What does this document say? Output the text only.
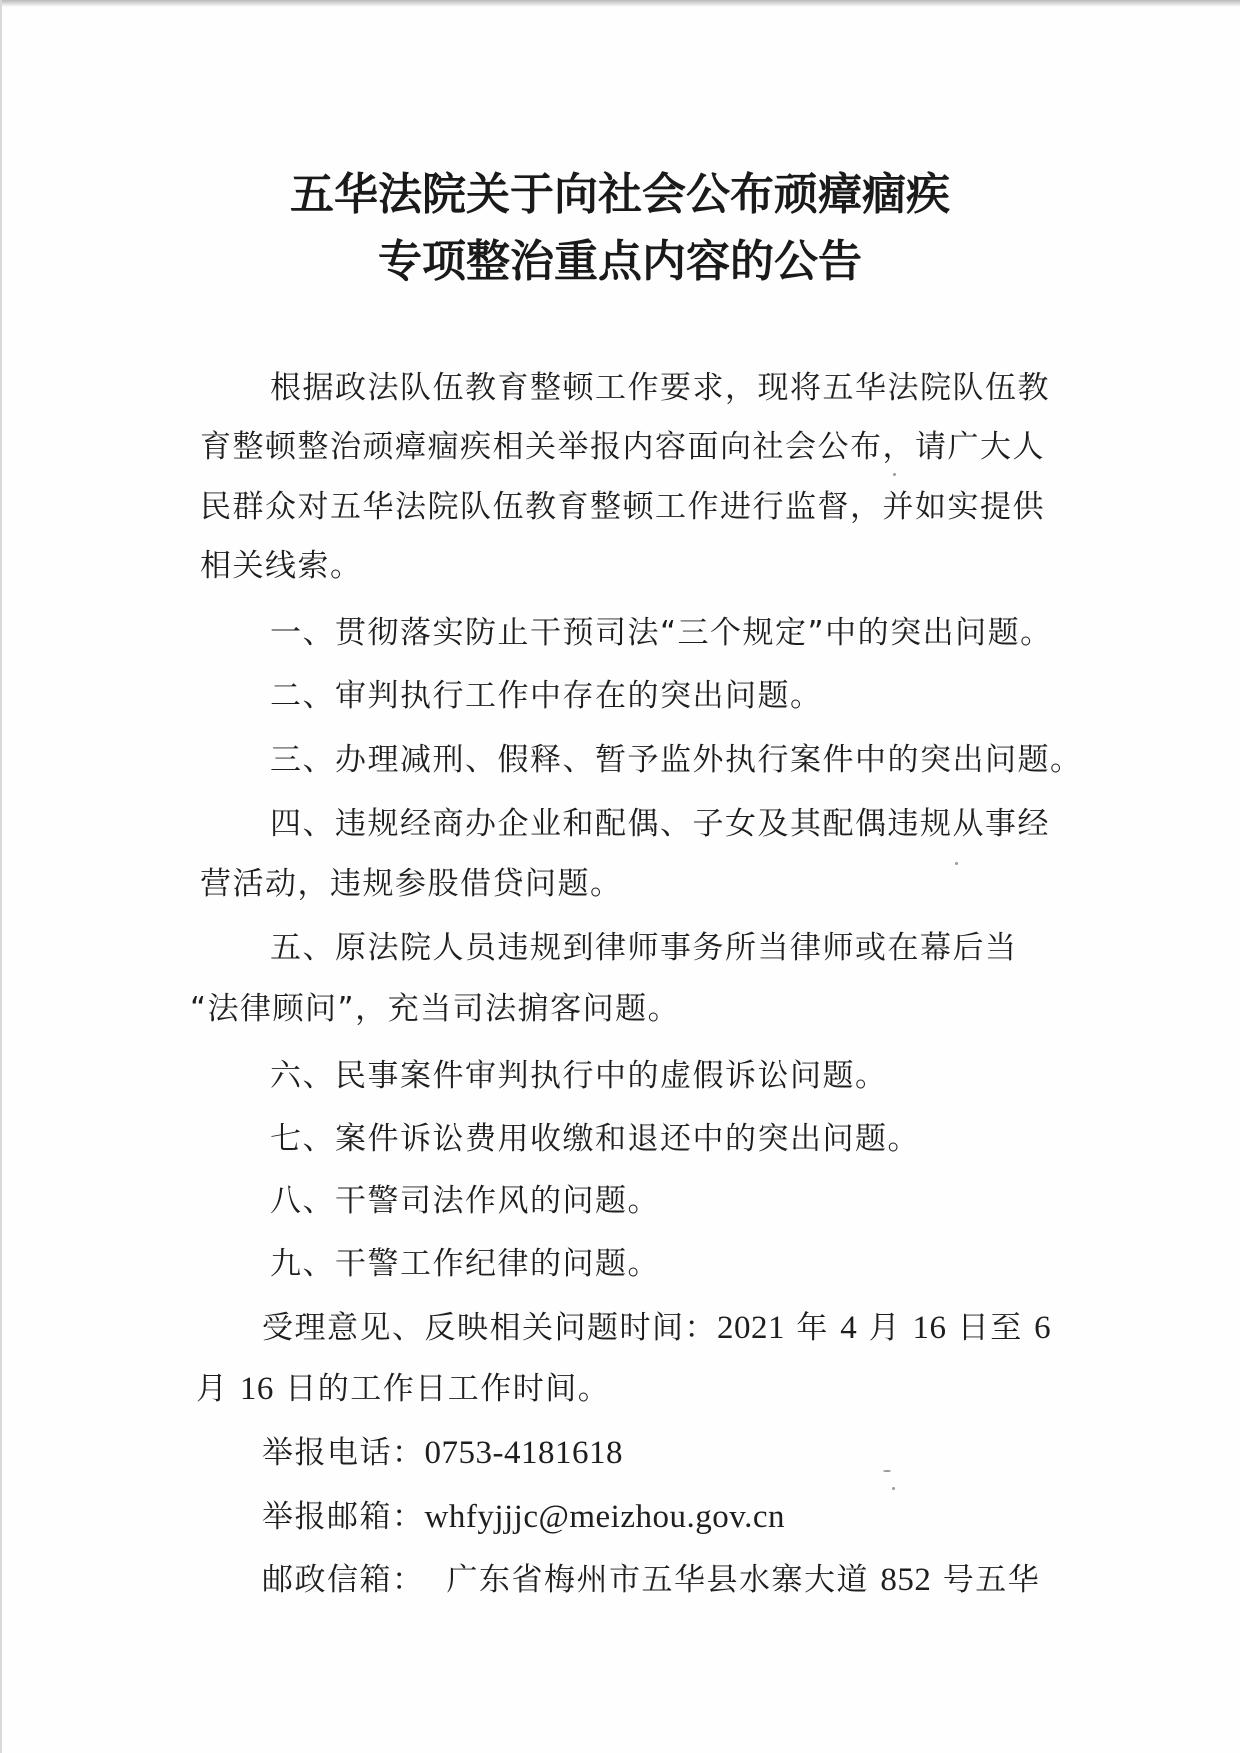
五华法院关于向社会公布顽瘴痼疾
专项整治重点内容的公告

根据政法队伍教育整顿工作要求，现将五华法院队伍教

育整顿整治顽瘴痼疾相关举报内容面向社会公布，请广大人

民群众对五华法院队伍教育整顿工作进行监督，并如实提供

相关线索。

一、贯彻落实防止干预司法“三个规定”中的突出问题。

二、审判执行工作中存在的突出问题。

三、办理减刑、假释、暂予监外执行案件中的突出问题。

四、违规经商办企业和配偶、子女及其配偶违规从事经

营活动，违规参股借贷问题。

五、原法院人员违规到律师事务所当律师或在幕后当

“法律顾问”，充当司法掮客问题。

六、民事案件审判执行中的虚假诉讼问题。

七、案件诉讼费用收缴和退还中的突出问题。

八、干警司法作风的问题。

九、干警工作纪律的问题。

受理意见、反映相关问题时间：2021 年 4 月 16 日至 6

月 16 日的工作日工作时间。

举报电话：0753-4181618

举报邮箱：whfyjjjc@meizhou.gov.cn

邮政信箱： 广东省梅州市五华县水寨大道 852 号五华
